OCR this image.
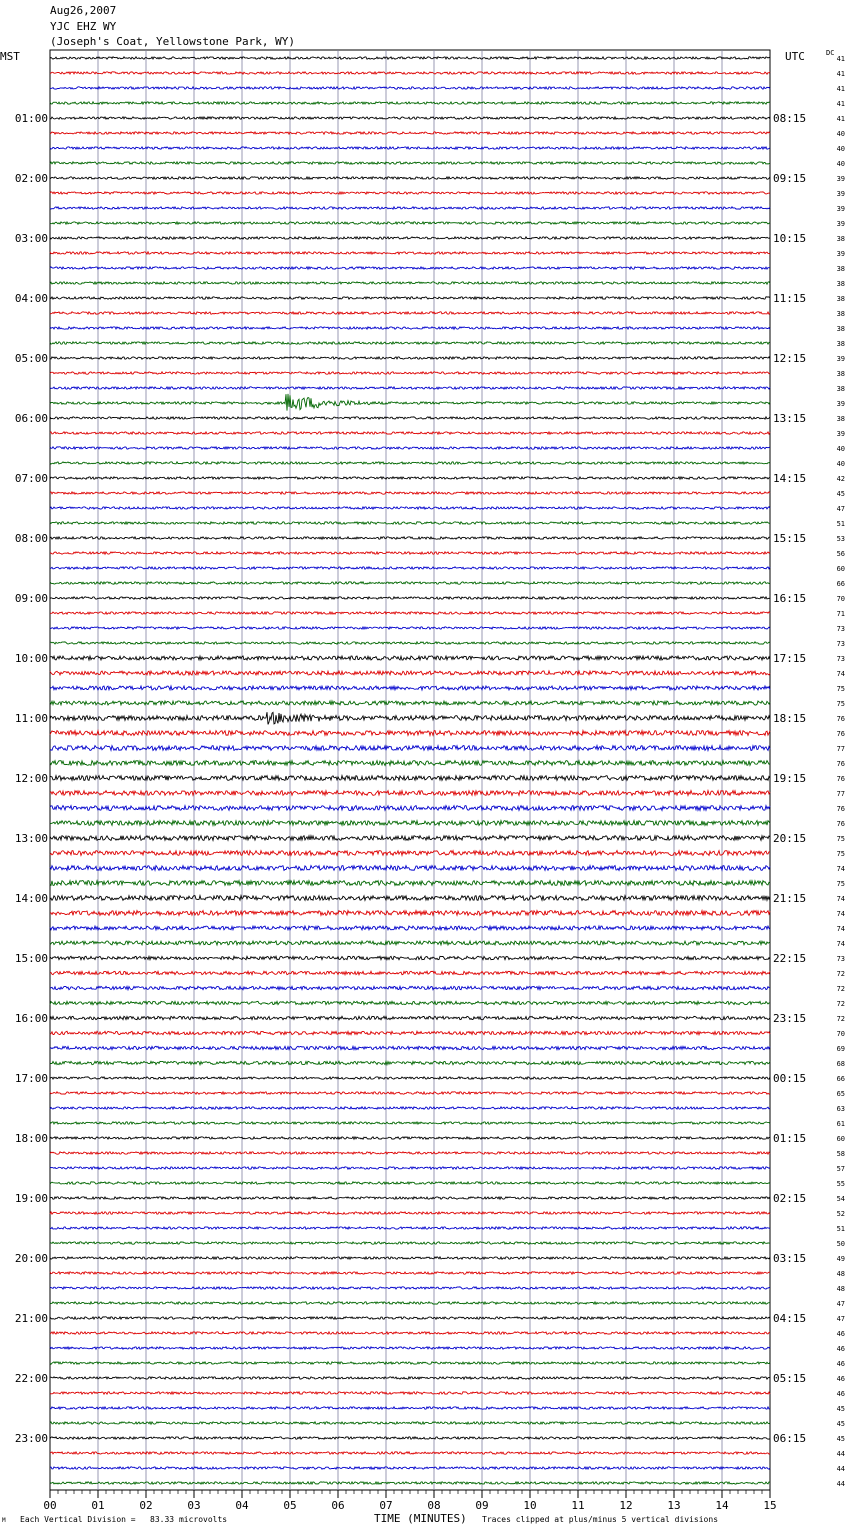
Aug26,2007
YJC EHZ WY
(Joseph's Coat, Yellowstone Park, WY)
MST	UTC	DC
41
41
41
41
41
40
40
40
39
39
39
39
38
39
38
38
38
38
38
38
39
38
38
39
38
39
40
40
42
45
47
51
53
56
60
66
70
71
73
73
73
74
75
75
76
76
77
76
76
77
76
76
75
75
74
75
74
74
74
74
73
72
72
72
72
70
69
68
66
65
63
61
60
58
57
55
54
52
51
50
49
48
48
47
47
46
46
46
46
46
45
45
45
44
44
44
01:00	08:15
02:00	09:15
03:00	10:15
04:00	11:15
05:00	12:15
06:00	13:15
07:00	14:15
08:00	15:15
09:00	16:15
10:00	17:15
11:00	18:15
12:00	19:15
13:00	20:15
14:00	21:15
15:00	22:15
16:00	23:15
17:00	00:15
18:00	01:15
19:00	02:15
20:00	03:15
21:00	04:15
22:00	05:15
23:00	06:15
00	01	02	03	04	05	06	07	08	09	10	11	12	13	14	15
M Each Vertical Division =   83.33 microvolts	TIME (MINUTES) Traces clipped at plus/minus 5 vertical divisions
